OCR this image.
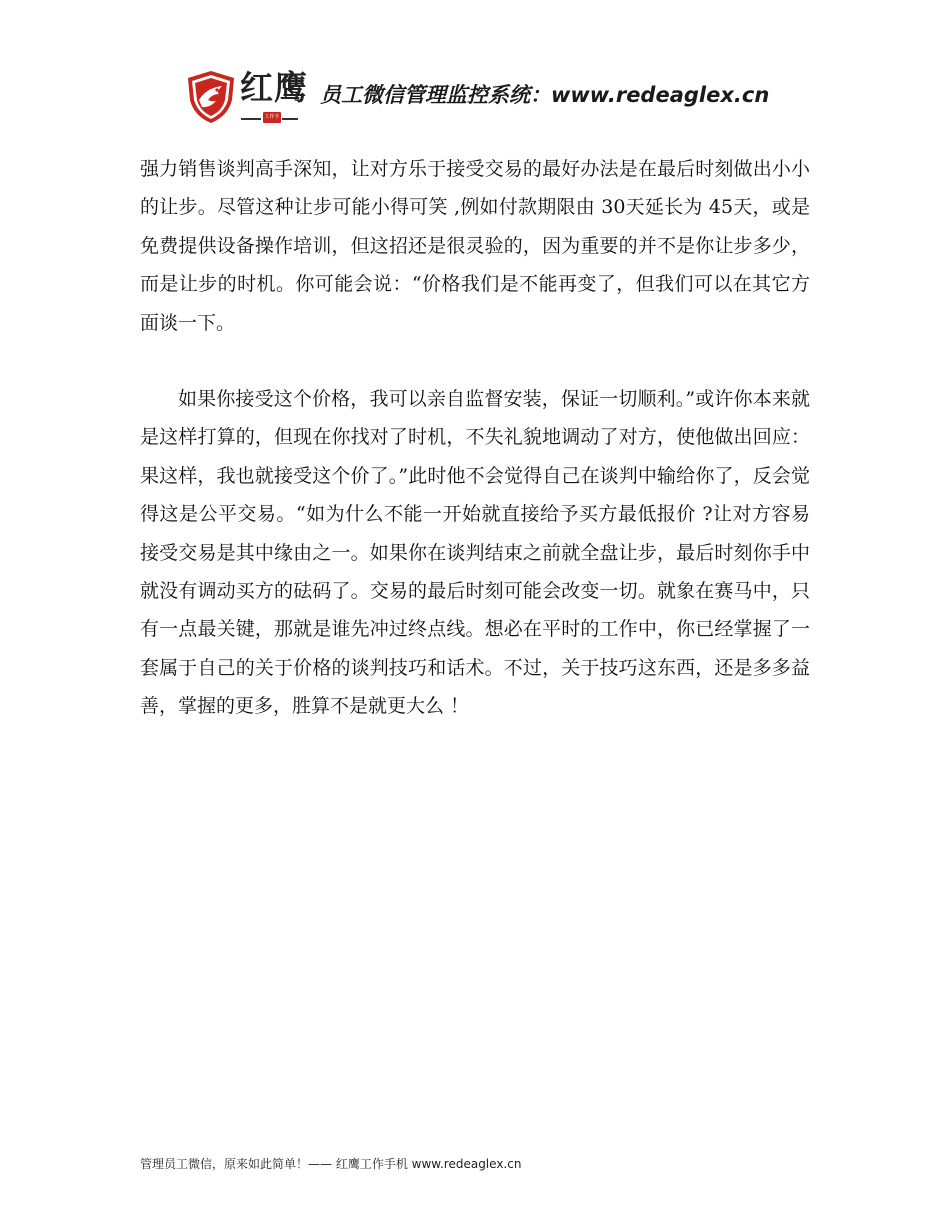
红鹰
工作手机
员工微信管理监控系统：www.redeaglex.cn

强力销售谈判高手深知，让对方乐于接受交易的最好办法是在最后时刻做出小小的让步。尽管这种让步可能小得可笑 ,例如付款期限由 30天延长为 45天，或是免费提供设备操作培训，但这招还是很灵验的，因为重要的并不是你让步多少，而是让步的时机。你可能会说：“价格我们是不能再变了，但我们可以在其它方面谈一下。

如果你接受这个价格，我可以亲自监督安装，保证一切顺利。”或许你本来就是这样打算的，但现在你找对了时机，不失礼貌地调动了对方，使他做出回应：果这样，我也就接受这个价了。”此时他不会觉得自己在谈判中输给你了，反会觉得这是公平交易。“如为什么不能一开始就直接给予买方最低报价 ?让对方容易接受交易是其中缘由之一。如果你在谈判结束之前就全盘让步，最后时刻你手中就没有调动买方的砝码了。交易的最后时刻可能会改变一切。就象在赛马中，只有一点最关键，那就是谁先冲过终点线。想必在平时的工作中，你已经掌握了一套属于自己的关于价格的谈判技巧和话术。不过，关于技巧这东西，还是多多益善，掌握的更多，胜算不是就更大么 ！

管理员工微信，原来如此简单！—— 红鹰工作手机 www.redeaglex.cn
